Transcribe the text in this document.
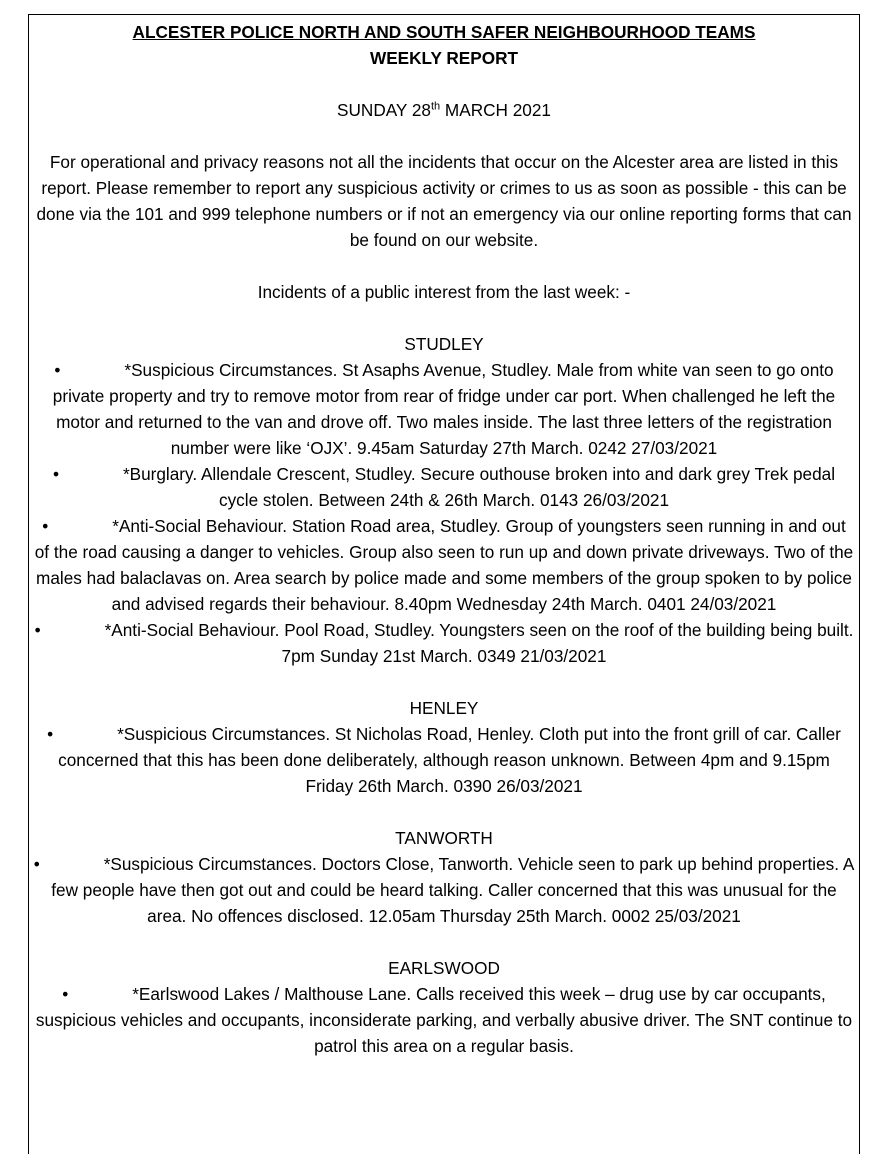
ALCESTER POLICE NORTH AND SOUTH SAFER NEIGHBOURHOOD TEAMS

WEEKLY REPORT

SUNDAY 28th MARCH 2021

For operational and privacy reasons not all the incidents that occur on the Alcester area are listed in this report. Please remember to report any suspicious activity or crimes to us as soon as possible - this can be done via the 101 and 999 telephone numbers or if not an emergency via our online reporting forms that can be found on our website.

Incidents of a public interest from the last week: -

STUDLEY

•	*Suspicious Circumstances. St Asaphs Avenue, Studley. Male from white van seen to go onto private property and try to remove motor from rear of fridge under car port. When challenged he left the motor and returned to the van and drove off. Two males inside. The last three letters of the registration number were like ‘OJX’. 9.45am Saturday 27th March. 0242 27/03/2021
•	*Burglary. Allendale Crescent, Studley. Secure outhouse broken into and dark grey Trek pedal cycle stolen. Between 24th & 26th March. 0143 26/03/2021
•	*Anti-Social Behaviour. Station Road area, Studley. Group of youngsters seen running in and out of the road causing a danger to vehicles. Group also seen to run up and down private driveways. Two of the males had balaclavas on. Area search by police made and some members of the group spoken to by police and advised regards their behaviour. 8.40pm Wednesday 24th March. 0401 24/03/2021
•	*Anti-Social Behaviour. Pool Road, Studley. Youngsters seen on the roof of the building being built. 7pm Sunday 21st March. 0349 21/03/2021

HENLEY

•	*Suspicious Circumstances. St Nicholas Road, Henley. Cloth put into the front grill of car. Caller concerned that this has been done deliberately, although reason unknown. Between 4pm and 9.15pm Friday 26th March. 0390 26/03/2021

TANWORTH

•	*Suspicious Circumstances. Doctors Close, Tanworth. Vehicle seen to park up behind properties. A few people have then got out and could be heard talking. Caller concerned that this was unusual for the area. No offences disclosed. 12.05am Thursday 25th March. 0002 25/03/2021

EARLSWOOD

•	*Earlswood Lakes / Malthouse Lane. Calls received this week – drug use by car occupants, suspicious vehicles and occupants, inconsiderate parking, and verbally abusive driver. The SNT continue to patrol this area on a regular basis.
